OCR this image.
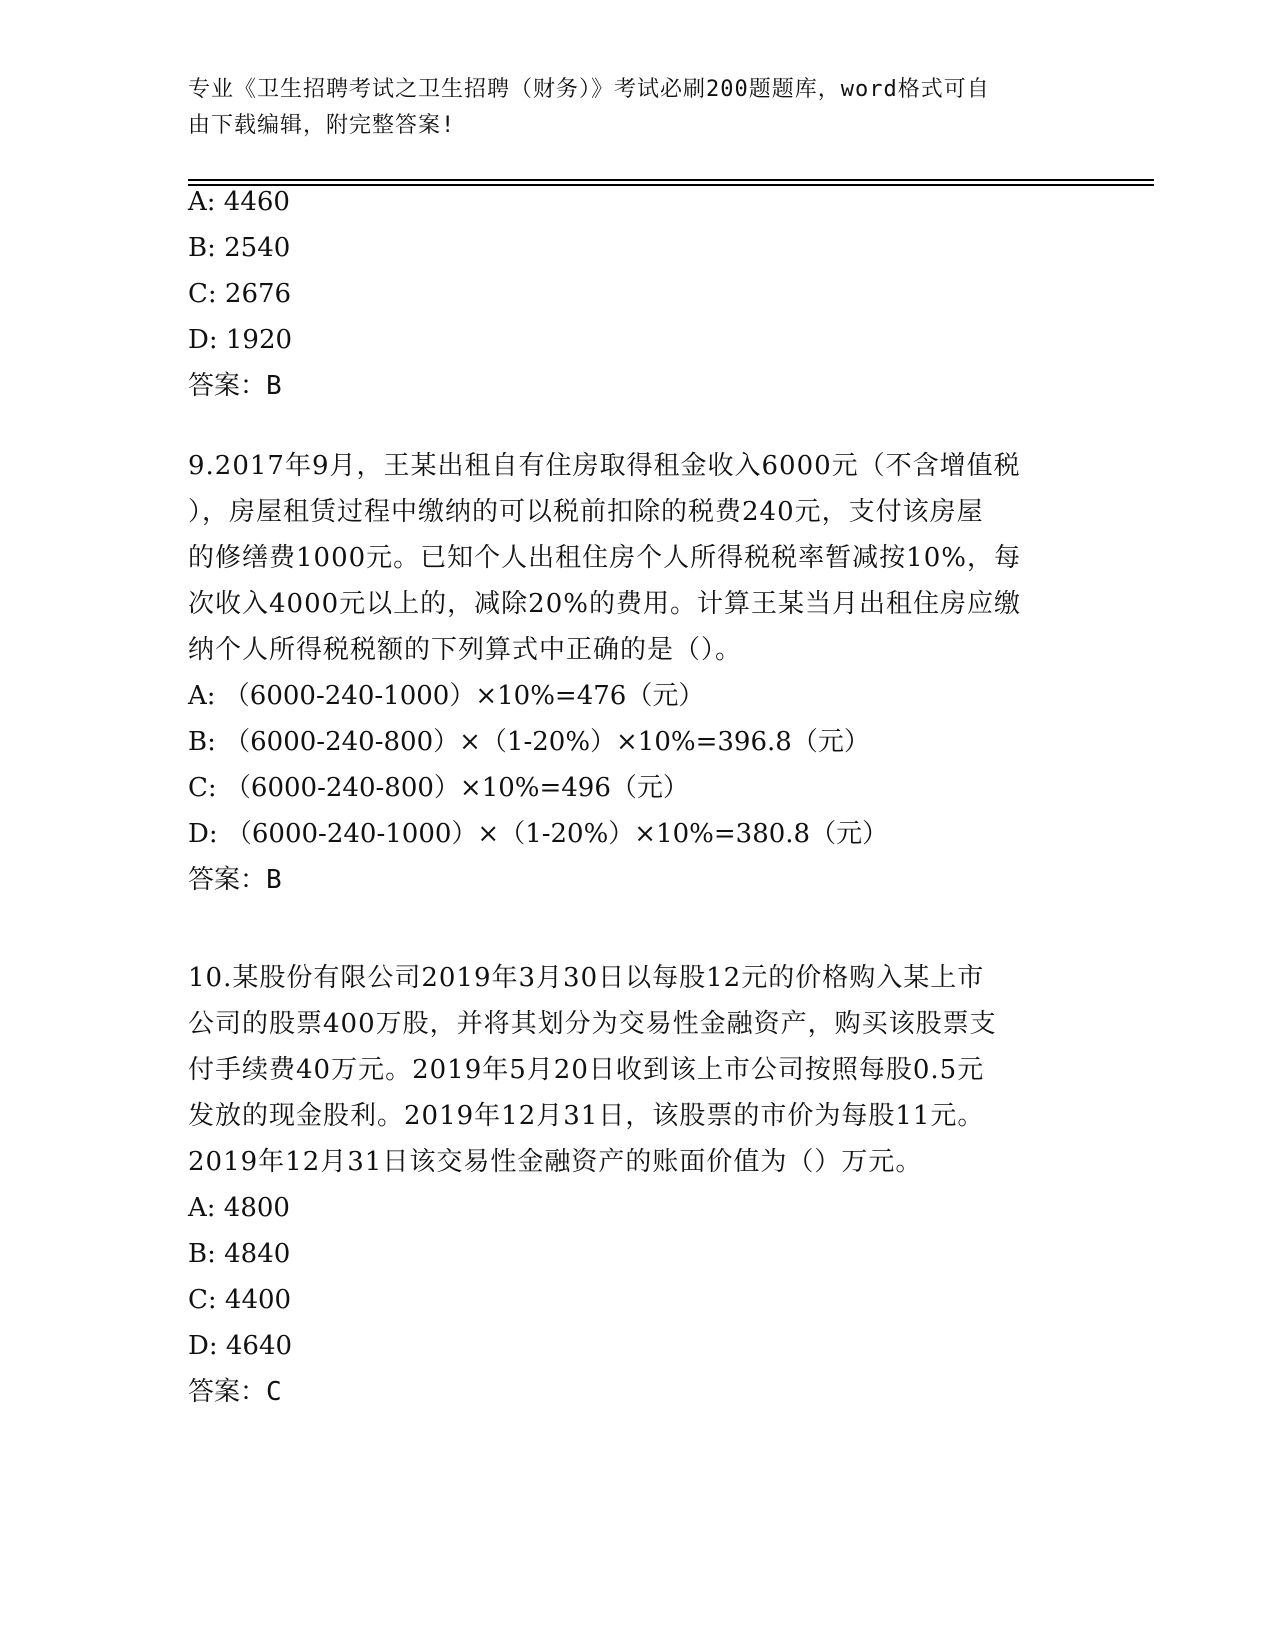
专业《卫生招聘考试之卫生招聘（财务）》考试必刷200题题库，word格式可自
由下载编辑，附完整答案!
A: 4460
B: 2540
C: 2676
D: 1920
答案：B
9.2017年9月，王某出租自有住房取得租金收入6000元（不含增值税
），房屋租赁过程中缴纳的可以税前扣除的税费240元，支付该房屋
的修缮费1000元。已知个人出租住房个人所得税税率暂减按10%，每
次收入4000元以上的，减除20%的费用。计算王某当月出租住房应缴
纳个人所得税税额的下列算式中正确的是（）。
A: （6000-240-1000）×10%=476（元）
B: （6000-240-800）×（1-20%）×10%=396.8（元）
C: （6000-240-800）×10%=496（元）
D: （6000-240-1000）×（1-20%）×10%=380.8（元）
答案：B
10.某股份有限公司2019年3月30日以每股12元的价格购入某上市
公司的股票400万股，并将其划分为交易性金融资产，购买该股票支
付手续费40万元。2019年5月20日收到该上市公司按照每股0.5元
发放的现金股利。2019年12月31日，该股票的市价为每股11元。
2019年12月31日该交易性金融资产的账面价值为（）万元。
A: 4800
B: 4840
C: 4400
D: 4640
答案：C
